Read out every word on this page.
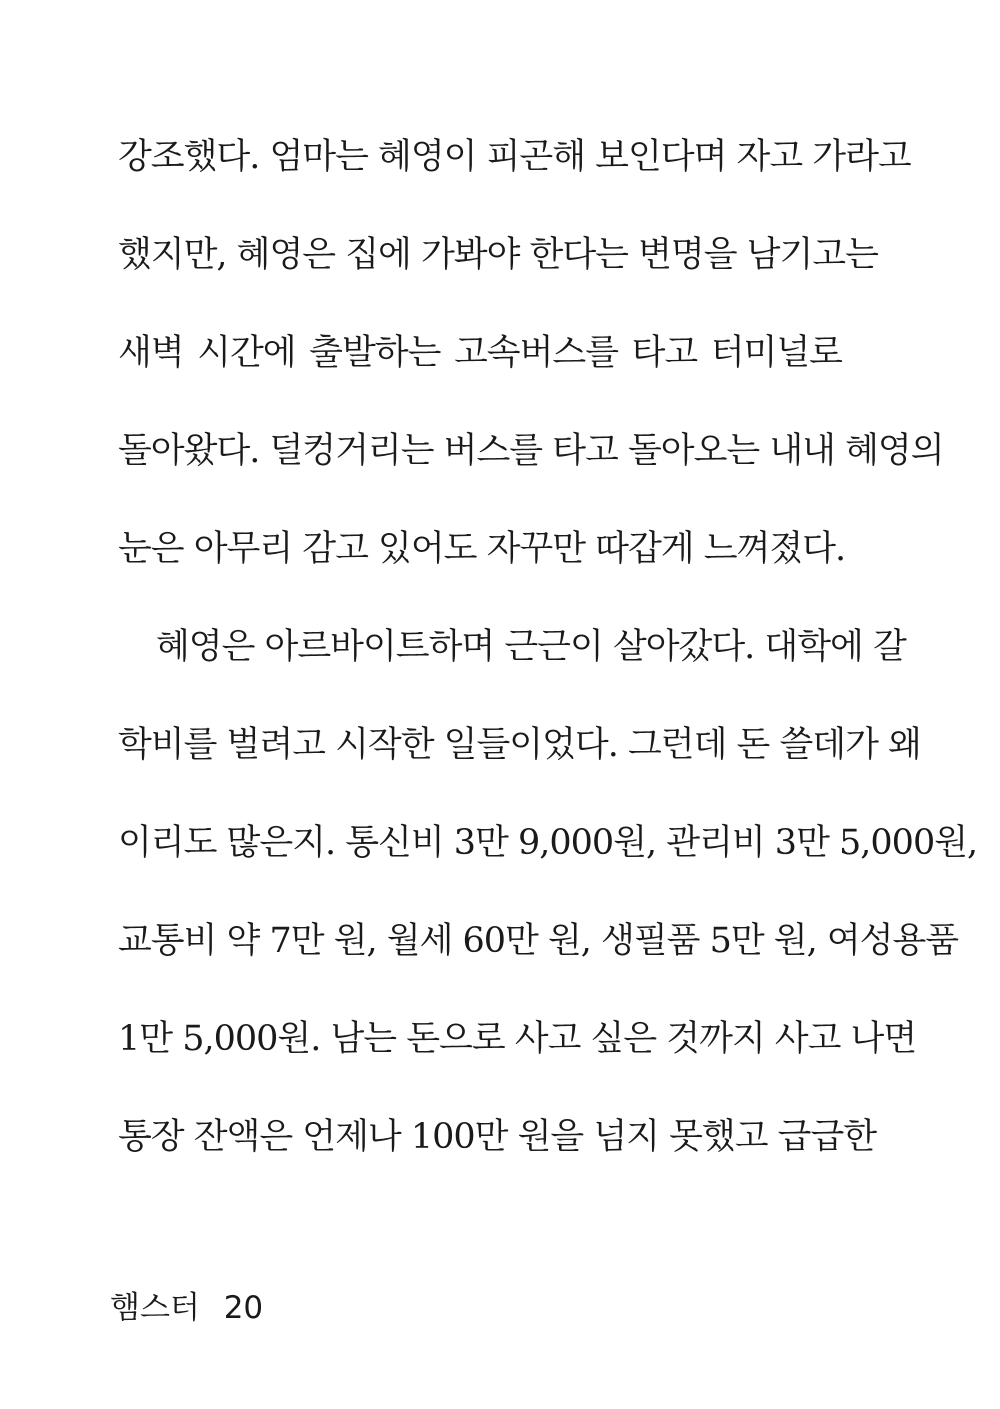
강조했다. 엄마는 혜영이 피곤해 보인다며 자고 가라고
했지만, 혜영은 집에 가봐야 한다는 변명을 남기고는
새벽 시간에 출발하는 고속버스를 타고 터미널로
돌아왔다. 덜컹거리는 버스를 타고 돌아오는 내내 혜영의
눈은 아무리 감고 있어도 자꾸만 따갑게 느껴졌다.
혜영은 아르바이트하며 근근이 살아갔다. 대학에 갈
학비를 벌려고 시작한 일들이었다. 그런데 돈 쓸데가 왜
이리도 많은지. 통신비 3만 9,000원, 관리비 3만 5,000원,
교통비 약 7만 원, 월세 60만 원, 생필품 5만 원, 여성용품
1만 5,000원. 남는 돈으로 사고 싶은 것까지 사고 나면
통장 잔액은 언제나 100만 원을 넘지 못했고 급급한
햄스터 20
